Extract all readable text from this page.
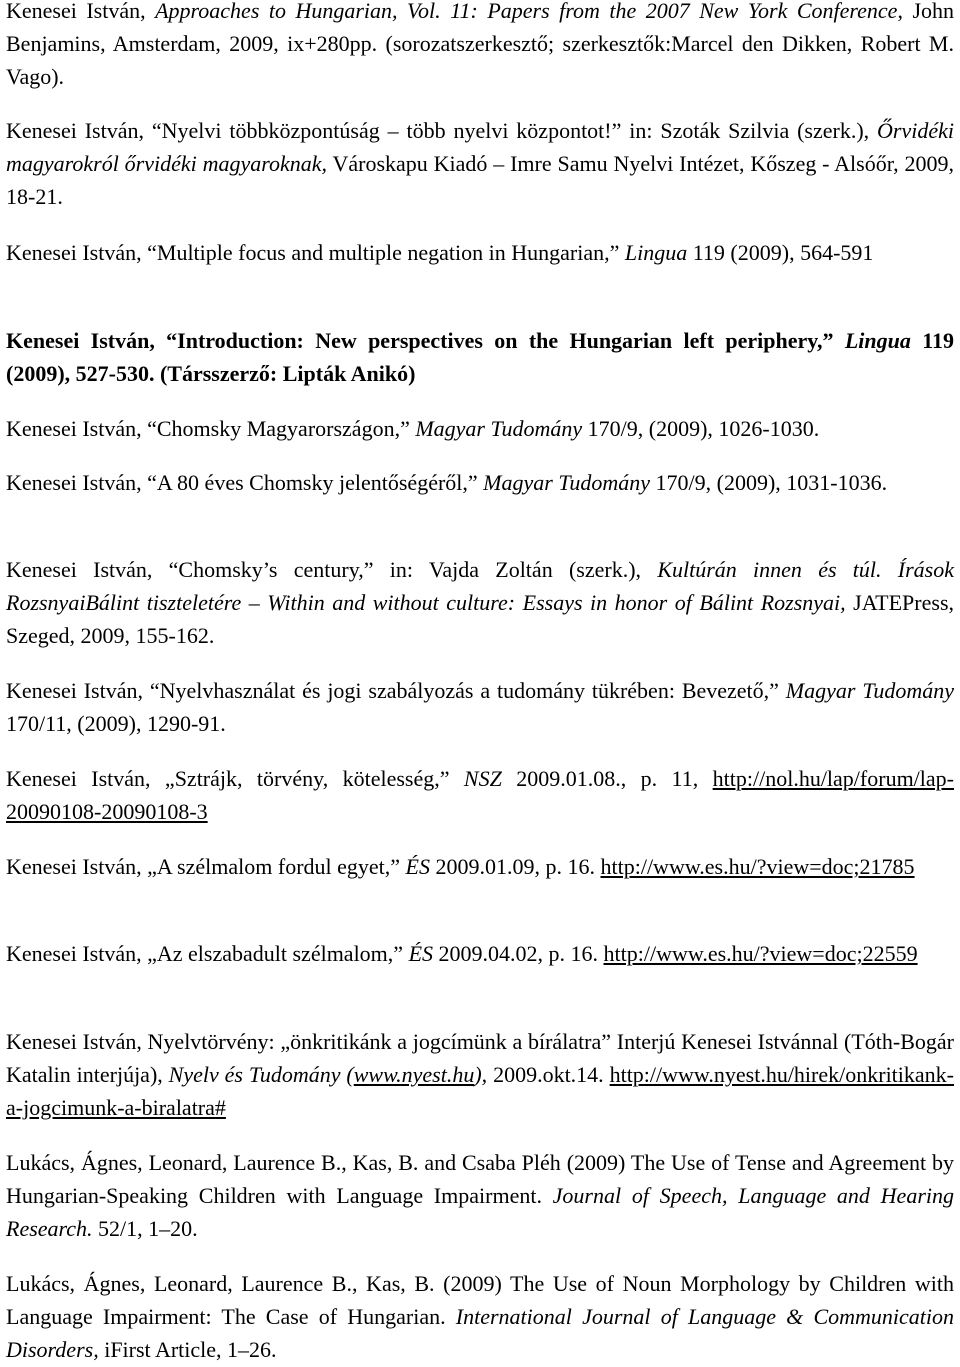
Kenesei István, Approaches to Hungarian, Vol. 11: Papers from the 2007 New York Conference, John Benjamins, Amsterdam, 2009, ix+280pp. (sorozatszerkesztő; szerkesztők:Marcel den Dikken, Robert M. Vago).

Kenesei István, “Nyelvi többközpontúság – több nyelvi központot!” in: Szoták Szilvia (szerk.), Őrvidéki magyarokról őrvidéki magyaroknak, Városkapu Kiadó – Imre Samu Nyelvi Intézet, Kőszeg - Alsóőr, 2009, 18-21.

Kenesei István, “Multiple focus and multiple negation in Hungarian,” Lingua 119 (2009), 564-591

Kenesei István, “Introduction: New perspectives on the Hungarian left periphery,” Lingua 119 (2009), 527-530. (Társszerző: Lipták Anikó)

Kenesei István, “Chomsky Magyarországon,” Magyar Tudomány 170/9, (2009), 1026-1030.

Kenesei István, “A 80 éves Chomsky jelentőségéről,” Magyar Tudomány 170/9, (2009), 1031-1036.

Kenesei István, “Chomsky’s century,” in: Vajda Zoltán (szerk.), Kultúrán innen és túl. Írások RozsnyaiBálint tiszteletére – Within and without culture: Essays in honor of Bálint Rozsnyai, JATEPress, Szeged, 2009, 155-162.

Kenesei István, “Nyelvhasználat és jogi szabályozás a tudomány tükrében: Bevezető,” Magyar Tudomány 170/11, (2009), 1290-91.

Kenesei István, „Sztrájk, törvény, kötelesség,” NSZ 2009.01.08., p. 11, http://nol.hu/lap/forum/lap-20090108-20090108-3

Kenesei István, „A szélmalom fordul egyet,” ÉS 2009.01.09, p. 16. http://www.es.hu/?view=doc;21785

Kenesei István, „Az elszabadult szélmalom,” ÉS 2009.04.02, p. 16. http://www.es.hu/?view=doc;22559

Kenesei István, Nyelvtörvény: „önkritikánk a jogcímünk a bírálatra” Interjú Kenesei Istvánnal (Tóth-Bogár Katalin interjúja), Nyelv és Tudomány (www.nyest.hu), 2009.okt.14. http://www.nyest.hu/hirek/onkritikank-a-jogcimunk-a-biralatra#

Lukács, Ágnes, Leonard, Laurence B., Kas, B. and Csaba Pléh (2009) The Use of Tense and Agreement by Hungarian-Speaking Children with Language Impairment. Journal of Speech, Language and Hearing Research. 52/1, 1–20.

Lukács, Ágnes, Leonard, Laurence B., Kas, B. (2009) The Use of Noun Morphology by Children with Language Impairment: The Case of Hungarian. International Journal of Language & Communication Disorders, iFirst Article, 1–26.
